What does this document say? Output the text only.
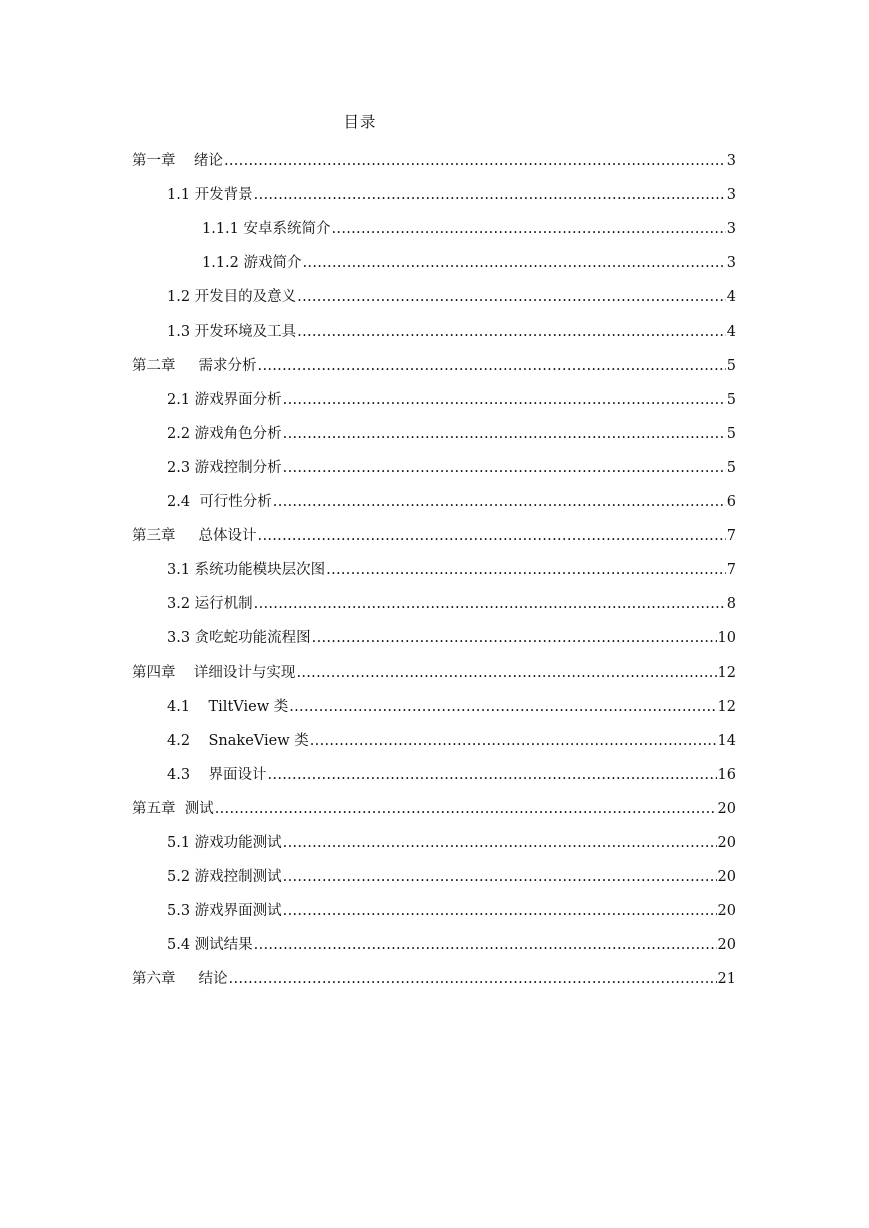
目录
第一章    绪论 .....	3
1.1 开发背景 .....	3
1.1.1 安卓系统简介 .....	3
1.1.2 游戏简介 .....	3
1.2 开发目的及意义 .....	4
1.3 开发环境及工具 .....	4
第二章     需求分析 .....	5
2.1 游戏界面分析 .....	5
2.2 游戏角色分析 .....	5
2.3 游戏控制分析 .....	5
2.4  可行性分析 .....	6
第三章     总体设计 .....	7
3.1 系统功能模块层次图 .....	7
3.2 运行机制 .....	8
3.3 贪吃蛇功能流程图 .....	10
第四章    详细设计与实现 .....	12
4.1    TiltView 类 .....	12
4.2    SnakeView 类 .....	14
4.3    界面设计 .....	16
第五章  测试 .....	20
5.1 游戏功能测试 .....	20
5.2 游戏控制测试 .....	20
5.3 游戏界面测试 .....	20
5.4 测试结果 .....	20
第六章     结论 .....	21
